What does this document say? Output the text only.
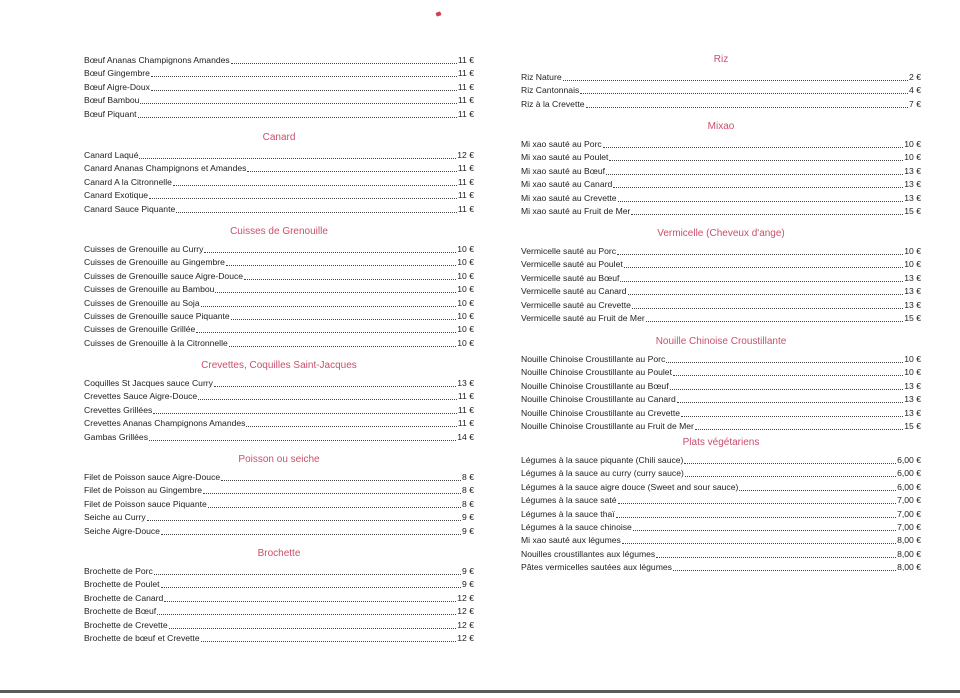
Bœuf Ananas Champignons Amandes	11 €
Bœuf Gingembre	11 €
Bœuf Aigre-Doux	11 €
Bœuf Bambou	11 €
Bœuf Piquant	11 €
Canard
Canard Laqué	12 €
Canard Ananas Champignons et Amandes	11 €
Canard A la Citronnelle	11 €
Canard Exotique	11 €
Canard Sauce Piquante	11 €
Cuisses de Grenouille
Cuisses de Grenouille au Curry	10 €
Cuisses de Grenouille au Gingembre	10 €
Cuisses de Grenouille sauce Aigre-Douce	10 €
Cuisses de Grenouille au Bambou	10 €
Cuisses de Grenouille au Soja	10 €
Cuisses de Grenouille sauce Piquante	10 €
Cuisses de Grenouille Grillée	10 €
Cuisses de Grenouille à la Citronnelle	10 €
Crevettes, Coquilles Saint-Jacques
Coquilles St Jacques sauce Curry	13 €
Crevettes Sauce Aigre-Douce	11 €
Crevettes Grillées	11 €
Crevettes Ananas Champignons Amandes	11 €
Gambas Grillées	14 €
Poisson ou seiche
Filet de Poisson sauce Aigre-Douce	8 €
Filet de Poisson au Gingembre	8 €
Filet de Poisson sauce Piquante	8 €
Seiche au Curry	9 €
Seiche Aigre-Douce	9 €
Brochette
Brochette de Porc	9 €
Brochette de Poulet	9 €
Brochette de Canard	12 €
Brochette de Bœuf	12 €
Brochette de Crevette	12 €
Brochette de bœuf et Crevette	12 €
Riz
Riz Nature	2 €
Riz Cantonnais	4 €
Riz à la Crevette	7 €
Mixao
Mi xao sauté au Porc	10 €
Mi xao sauté au Poulet	10 €
Mi xao sauté au Bœuf	13 €
Mi xao sauté au Canard	13 €
Mi xao sauté au Crevette	13 €
Mi xao sauté au Fruit de Mer	15 €
Vermicelle (Cheveux d'ange)
Vermicelle sauté au Porc	10 €
Vermicelle sauté au Poulet	10 €
Vermicelle sauté au Bœuf	13 €
Vermicelle sauté au Canard	13 €
Vermicelle sauté au Crevette	13 €
Vermicelle sauté au Fruit de Mer	15 €
Nouille Chinoise Croustillante
Nouille Chinoise Croustillante au Porc	10 €
Nouille Chinoise Croustillante au Poulet	10 €
Nouille Chinoise Croustillante au Bœuf	13 €
Nouille Chinoise Croustillante au Canard	13 €
Nouille Chinoise Croustillante au Crevette	13 €
Nouille Chinoise Croustillante au Fruit de Mer	15 €
Plats végétariens
Légumes à la sauce piquante (Chili sauce)	6,00 €
Légumes à la sauce au curry (curry sauce)	6,00 €
Légumes à la sauce aigre douce (Sweet and sour sauce)	6,00 €
Légumes à la sauce saté	7,00 €
Légumes à la sauce thaï	7,00 €
Légumes à la sauce chinoise	7,00 €
Mi xao sauté aux légumes	8,00 €
Nouilles croustillantes aux légumes	8,00 €
Pâtes vermicelles sautées aux légumes	8,00 €
